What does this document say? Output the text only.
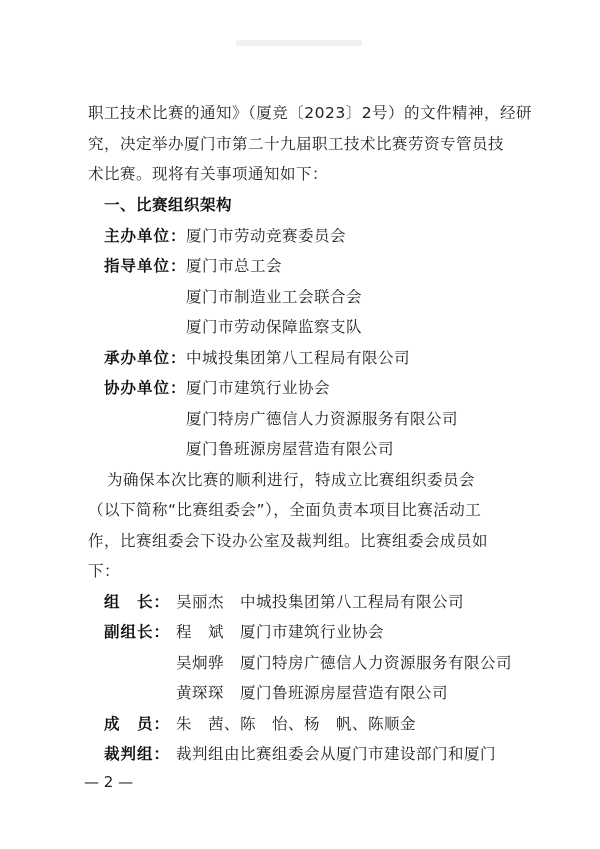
职工技术比赛的通知》（厦竞〔2023〕2号）的文件精神，经研
究，决定举办厦门市第二十九届职工技术比赛劳资专管员技
术比赛。现将有关事项通知如下：
一、比赛组织架构
主办单位： 厦门市劳动竞赛委员会
指导单位： 厦门市总工会
厦门市制造业工会联合会
厦门市劳动保障监察支队
承办单位： 中城投集团第八工程局有限公司
协办单位： 厦门市建筑行业协会
厦门特房广德信人力资源服务有限公司
厦门鲁班源房屋营造有限公司
为确保本次比赛的顺利进行，特成立比赛组织委员会
（以下简称“比赛组委会”），全面负责本项目比赛活动工
作，比赛组委会下设办公室及裁判组。比赛组委会成员如
下：
组　长： 吴丽杰　中城投集团第八工程局有限公司
副组长： 程　斌　厦门市建筑行业协会
吴炯骅　厦门特房广德信人力资源服务有限公司
黄琛琛　厦门鲁班源房屋营造有限公司
成　员： 朱　茜、陈　怡、杨　帆、陈顺金
裁判组： 裁判组由比赛组委会从厦门市建设部门和厦门
— 2 —
